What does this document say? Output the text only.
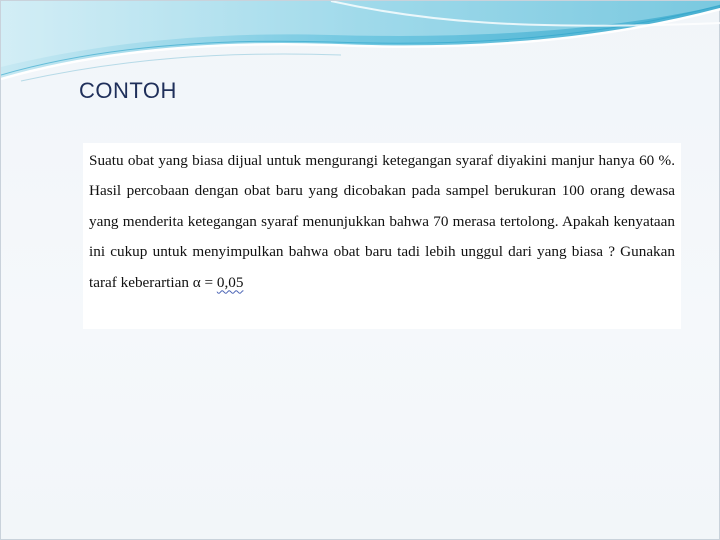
CONTOH

Suatu obat yang biasa dijual untuk mengurangi ketegangan syaraf diyakini manjur hanya 60 %. Hasil percobaan dengan obat baru yang dicobakan pada sampel berukuran 100 orang dewasa yang menderita ketegangan syaraf menunjukkan bahwa 70 merasa tertolong. Apakah kenyataan ini cukup untuk menyimpulkan bahwa obat baru tadi lebih unggul dari yang biasa ? Gunakan taraf keberartian α = 0,05
